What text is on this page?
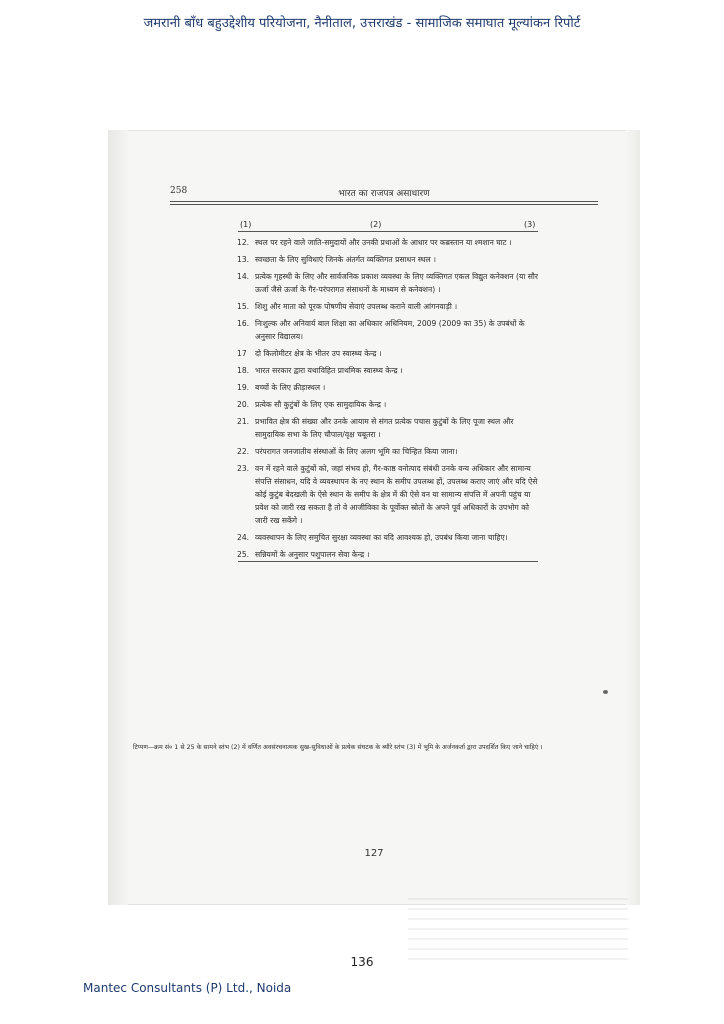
जमरानी बाँध बहुउद्देशीय परियोजना, नैनीताल, उत्तराखंड - सामाजिक समाघात मूल्यांकन रिपोर्ट
258	भारत का राजपत्र असाधारण
(1)	(2)	(3)
12. स्थल पर रहने वाले जाति-समुदायों और उनकी प्रथाओं के आधार पर कब्रस्तान या श्मशान घाट ।
13. स्वच्छता के लिए सुविधाएं जिनके अंतर्गत व्यक्तिगत प्रसाधन स्थल ।
14. प्रत्येक गृहस्थी के लिए और सार्वजनिक प्रकाश व्यवस्था के लिए व्यक्तिगत एकल विद्युत कनेक्शन (या सौर ऊर्जा जैसे ऊर्जा के गैर-परंपरागत संसाधनों के माध्यम से कनेक्शन) ।
15. शिशु और माता को पूरक पोषणीय सेवाएं उपलब्ध कराने वाली आंगनवाड़ी ।
16. निःशुल्क और अनिवार्य बाल शिक्षा का अधिकार अधिनियम, 2009 (2009 का 35) के उपबंधों के अनुसार विद्यालय।
17 दो किलोमीटर क्षेत्र के भीतर उप स्वास्थ्य केन्द्र ।
18. भारत सरकार द्वारा यथाविहित प्राथमिक स्वास्थ्य केन्द्र ।
19. बच्चों के लिए क्रीड़ास्थल ।
20. प्रत्येक सौ कुटुंबों के लिए एक सामुदायिक केन्द्र ।
21. प्रभावित क्षेत्र की संख्या और उनके आयाम से संगत प्रत्येक पचास कुटुंबों के लिए पूजा स्थल और सामुदायिक सभा के लिए चौपाल/वृक्ष चबूतरा ।
22. परंपरागत जनजातीय संस्थाओं के लिए अलग भूमि का चिन्हित किया जाना।
23. वन में रहने वाले कुटुंबों को, जहां संभव हो, गैर-काष्ठ वनोत्पाद संबंधी उनके वन्य अधिकार और सामान्य संपत्ति संसाधन, यदि वे व्यवस्थापन के नए स्थान के समीप उपलब्ध हों, उपलब्ध कराए जाएं और यदि ऐसे कोई कुटुंब बेदखली के ऐसे स्थान के समीप के क्षेत्र में की ऐसे वन या सामान्य संपत्ति में अपनी पहुंच या प्रवेश को जारी रख सकता है तो वे आजीविका के पूर्वोक्त स्रोतों के अपने पूर्व अधिकारों के उपभोग को जारी रख सकेंगे ।
24. व्यवस्थापन के लिए समुचित सुरक्षा व्यवस्था का यदि आवश्यक हो, उपबंध किया जाना चाहिए।
25. सन्नियमों के अनुसार पशुपालन सेवा केन्द्र ।
127
टिप्पण—क्रम सं० 1 से 25 के सामने स्तंभ (2) में वर्णित अवसंरचनात्मक सुख-सुविधाओं के प्रत्येक संघटक के ब्यौरे स्तंभ (3) में भूमि के अर्जनकर्ता द्वारा उपदर्शित किए जाने चाहिएं ।
136
Mantec Consultants (P) Ltd., Noida
